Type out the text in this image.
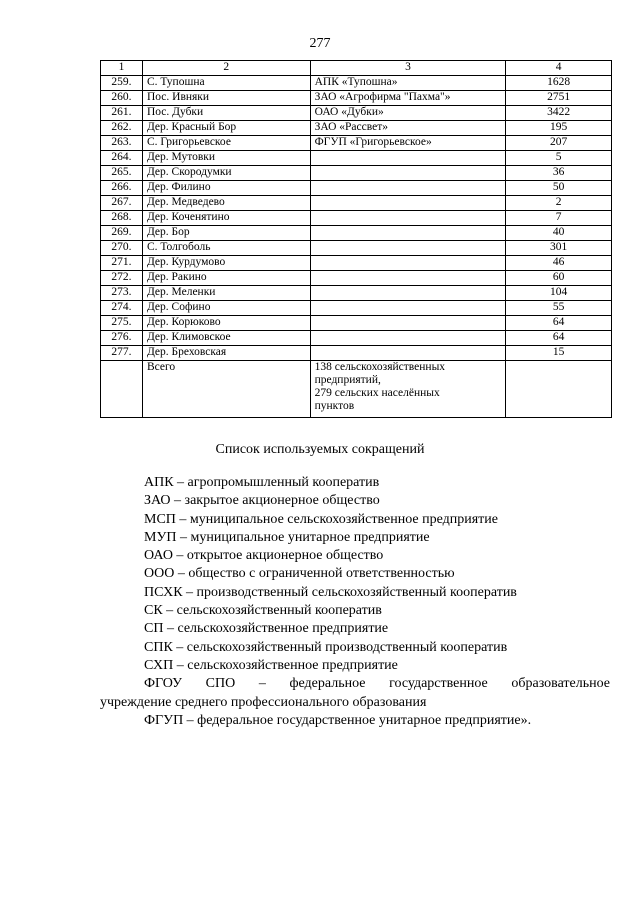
277
1	2	3	4
259.	С. Тупошна	АПК «Тупошна»	1628
260.	Пос. Ивняки	ЗАО «Агрофирма "Пахма"»	2751
261.	Пос. Дубки	ОАО «Дубки»	3422
262.	Дер. Красный Бор	ЗАО «Рассвет»	195
263.	С. Григорьевское	ФГУП «Григорьевское»	207
264.	Дер. Мутовки		5
265.	Дер. Скородумки		36
266.	Дер. Филино		50
267.	Дер. Медведево		2
268.	Дер. Коченятино		7
269.	Дер. Бор		40
270.	С. Толгоболь		301
271.	Дер. Курдумово		46
272.	Дер. Ракино		60
273.	Дер. Меленки		104
274.	Дер. Софино		55
275.	Дер. Корюково		64
276.	Дер. Климовское		64
277.	Дер. Бреховская		15
	Всего	138 сельскохозяйственных
предприятий,
279 сельских населённых
пунктов	

Список используемых сокращений

АПК – агропромышленный кооператив

ЗАО – закрытое акционерное общество

МСП – муниципальное сельскохозяйственное предприятие

МУП – муниципальное унитарное предприятие

ОАО – открытое акционерное общество

ООО – общество с ограниченной ответственностью

ПСХК – производственный сельскохозяйственный кооператив

СК – сельскохозяйственный кооператив

СП – сельскохозяйственное предприятие

СПК – сельскохозяйственный производственный кооператив

СХП – сельскохозяйственное предприятие

ФГОУ СПО – федеральное государственное образовательное

учреждение среднего профессионального образования

ФГУП – федеральное государственное унитарное предприятие».
